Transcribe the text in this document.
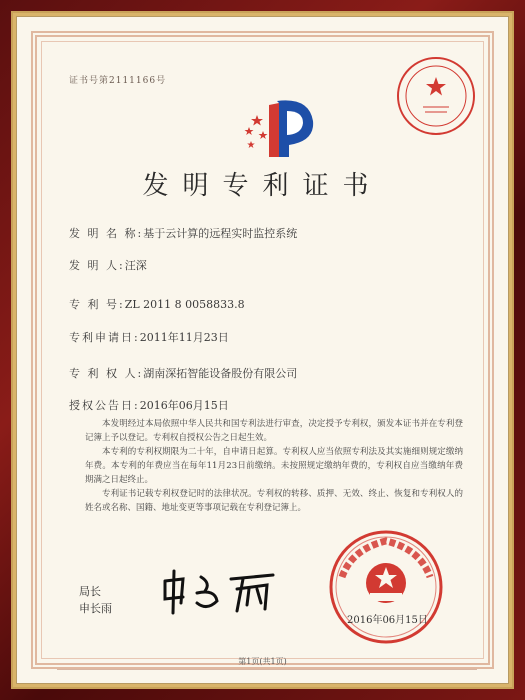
证书号第2111166号
发明专利证书
发 明 名 称:基于云计算的远程实时监控系统
发 明 人:汪深
专 利 号:ZL 2011 8 0058833.8
专利申请日:2011年11月23日
专 利 权 人:湖南深拓智能设备股份有限公司
授权公告日:2016年06月15日

本发明经过本局依照中华人民共和国专利法进行审查，决定授予专利权，颁发本证书并在专利登记簿上予以登记。专利权自授权公告之日起生效。

本专利的专利权期限为二十年，自申请日起算。专利权人应当依照专利法及其实施细则规定缴纳年费。本专利的年费应当在每年11月23日前缴纳。未按照规定缴纳年费的，专利权自应当缴纳年费期满之日起终止。

专利证书记载专利权登记时的法律状况。专利权的转移、质押、无效、终止、恢复和专利权人的姓名或名称、国籍、地址变更等事项记载在专利登记簿上。

局长
申长雨
2016年06月15日
第1页(共1页)
